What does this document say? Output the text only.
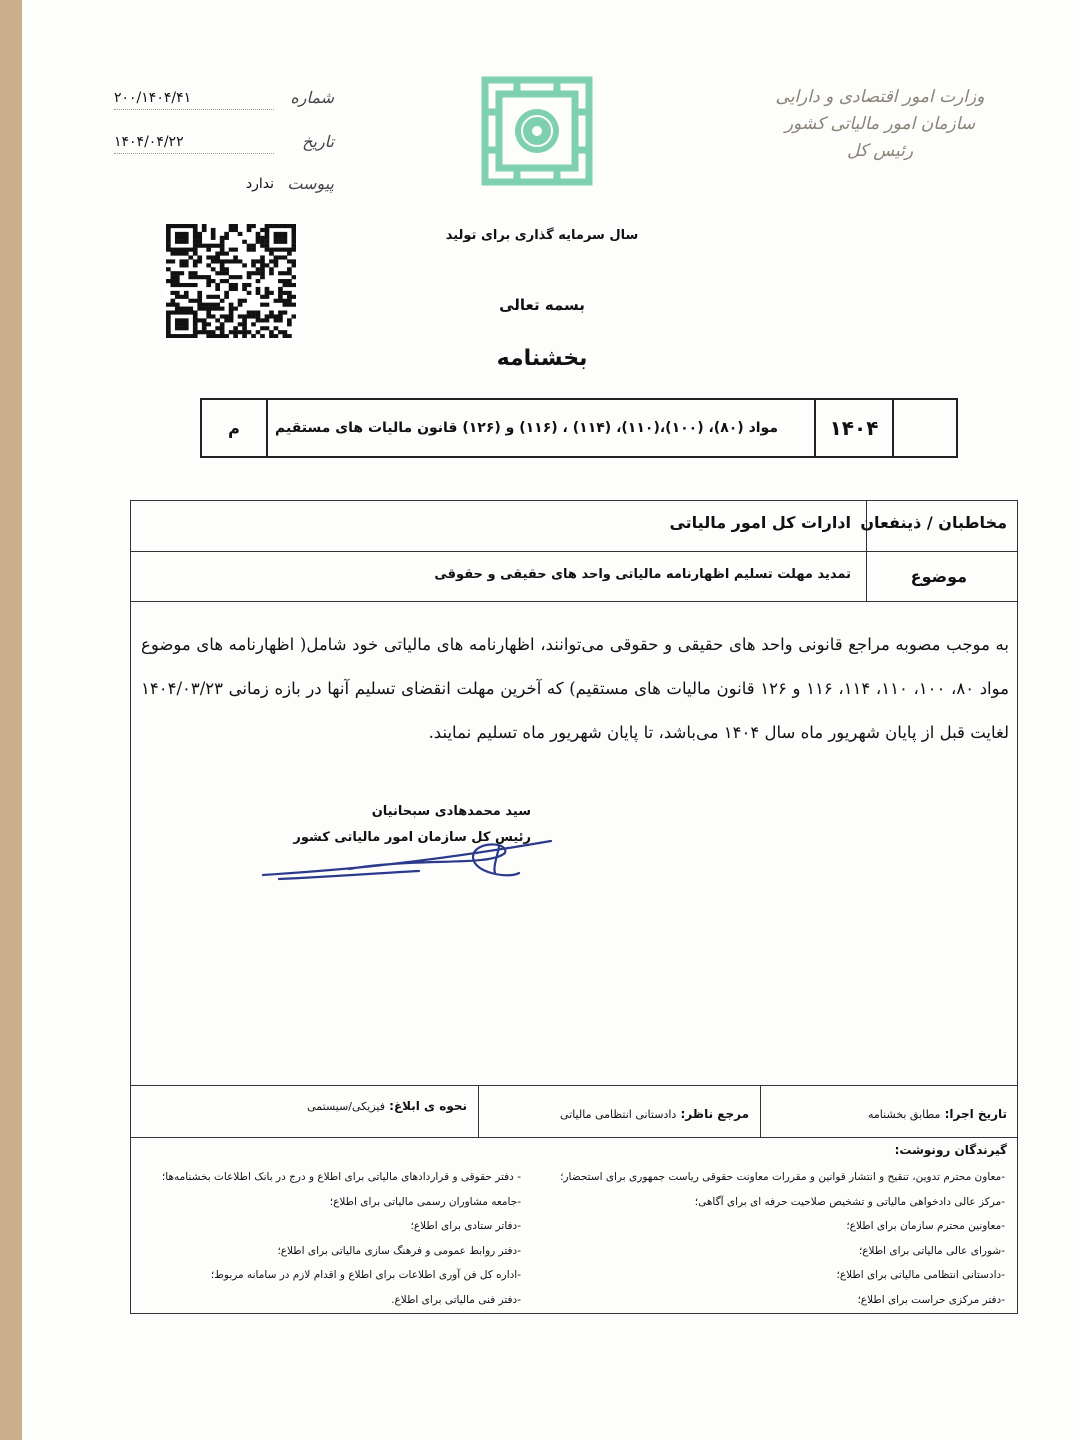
وزارت امور اقتصادی و دارایی
سازمان امور مالیاتی کشور
رئیس کل
شماره
۲۰۰/۱۴۰۴/۴۱
تاریخ
۱۴۰۴/۰۴/۲۲
پیوست
ندارد
سال سرمایه گذاری برای تولید
بسمه تعالی
بخشنامه
۱۴۰۴
مواد (۸۰)، (۱۰۰)،(۱۱۰)، (۱۱۴) ، (۱۱۶) و (۱۲۶) قانون مالیات های مستقیم
م
مخاطبان / ذینفعان
ادارات کل امور مالیاتی
موضوع
تمدید مهلت تسلیم اظهارنامه مالیاتی واحد های حقیقی و حقوقی
به موجب مصوبه مراجع قانونی واحد های حقیقی و حقوقی می‌توانند، اظهارنامه های مالیاتی خود شامل( اظهارنامه های موضوع مواد ۸۰، ۱۰۰، ۱۱۰، ۱۱۴، ۱۱۶ و ۱۲۶ قانون مالیات های مستقیم) که آخرین مهلت انقضای تسلیم آنها در بازه زمانی ۱۴۰۴/۰۳/۲۳ لغایت قبل از پایان شهریور ماه سال ۱۴۰۴ می‌باشد، تا پایان شهریور ماه تسلیم نمایند.
سید محمدهادی سبحانیان
رئیس کل سازمان امور مالیاتی کشور
تاریخ اجرا: مطابق بخشنامه
مرجع ناظر: دادستانی انتظامی مالیاتی
نحوه ی ابلاغ: فیزیکی/سیستمی
گیرندگان رونوشت:
-معاون محترم تدوین، تنقیح و انتشار قوانین و مقررات معاونت حقوقی ریاست جمهوری برای استحضار؛
-مرکز عالی دادخواهی مالیاتی و تشخیص صلاحیت حرفه ای برای آگاهی؛
-معاونین محترم سازمان برای اطلاع؛
-شورای عالی مالیاتی برای اطلاع؛
-دادستانی انتظامی مالیاتی برای اطلاع؛
-دفتر مرکزی حراست برای اطلاع؛
- دفتر حقوقی و قراردادهای مالیاتی برای اطلاع و درج در بانک اطلاعات بخشنامه‌ها؛
-جامعه مشاوران رسمی مالیاتی برای اطلاع؛
-دفاتر ستادی برای اطلاع؛
-دفتر روابط عمومی و فرهنگ سازی مالیاتی برای اطلاع؛
-اداره کل فن آوری اطلاعات برای اطلاع و اقدام لازم در سامانه مربوط؛
-دفتر فنی مالیاتی برای اطلاع.
